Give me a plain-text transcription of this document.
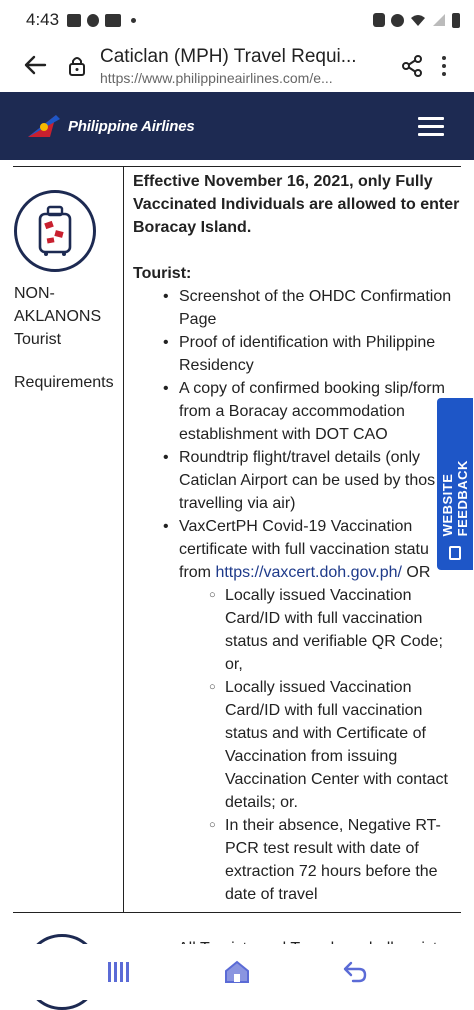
4:43
Caticlan (MPH) Travel Requi...
https://www.philippineairlines.com/e...
Philippine Airlines
NON-
AKLANONS
Tourist
Requirements
Effective November 16, 2021, only Fully Vaccinated Individuals are allowed to enter Boracay Island.
Tourist:
• Screenshot of the OHDC Confirmation
Page
• Proof of identification with Philippine
Residency
• A copy of confirmed booking slip/form
from a Boracay accommodation
establishment with DOT CAO
• Roundtrip flight/travel details (only
Caticlan Airport can be used by thos
travelling via air)
• VaxCertPH Covid-19 Vaccination
certificate with full vaccination statu
from https://vaxcert.doh.gov.ph/ OR
○ Locally issued Vaccination
Card/ID with full vaccination
status and verifiable QR Code;
or,
○ Locally issued Vaccination
Card/ID with full vaccination
status and with Certificate of
Vaccination from issuing
Vaccination Center with contact
details; or.
○ In their absence, Negative RT-
PCR test result with date of
extraction 72 hours before the
date of travel
WEBSITE FEEDBACK
